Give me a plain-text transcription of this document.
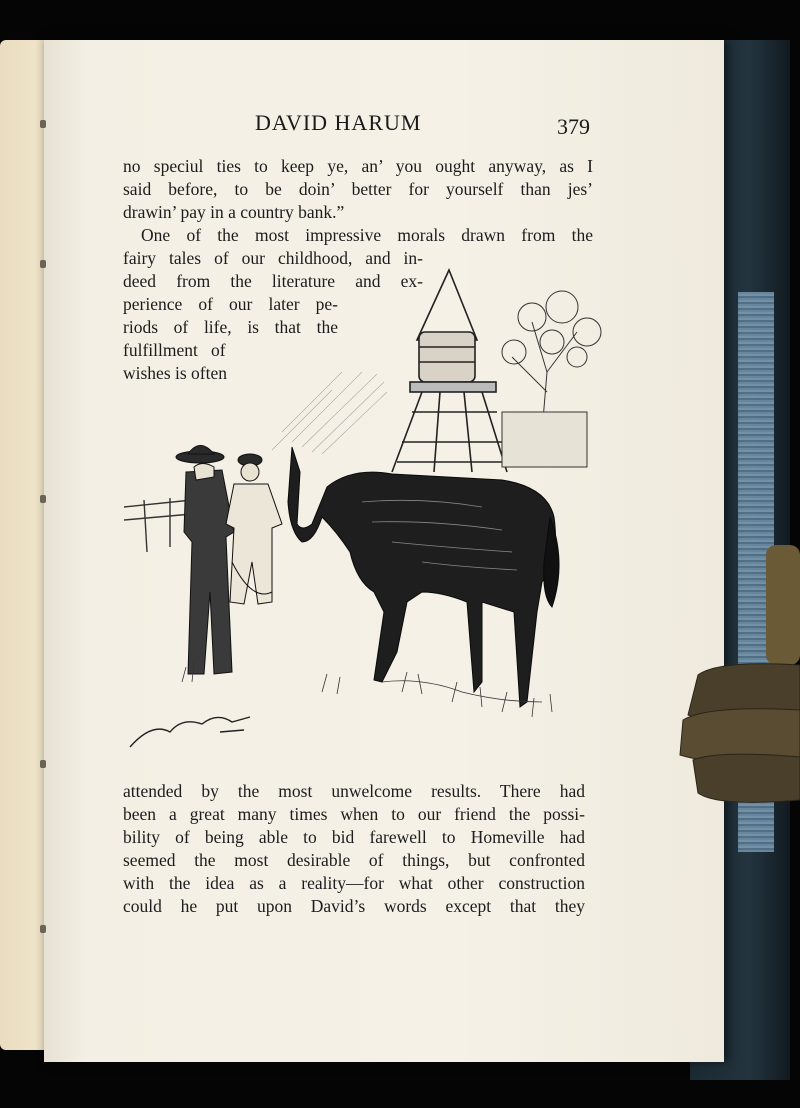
DAVID HARUM	379
no speciul ties to keep ye, an’ you ought anyway, as I
said before, to be doin’ better for yourself than jes’
drawin’ pay in a country bank.”
One of the most impressive morals drawn from the
fairy tales of our childhood, and in-
deed from the literature and ex-
perience of our later pe-
riods of life, is that the
fulfillment   of
wishes is often
attended by the most unwelcome results. There had
been a great many times when to our friend the possi-
bility of being able to bid farewell to Homeville had
seemed the most desirable of things, but confronted
with the idea as a reality—for what other construction
could he put upon David’s words except that they
